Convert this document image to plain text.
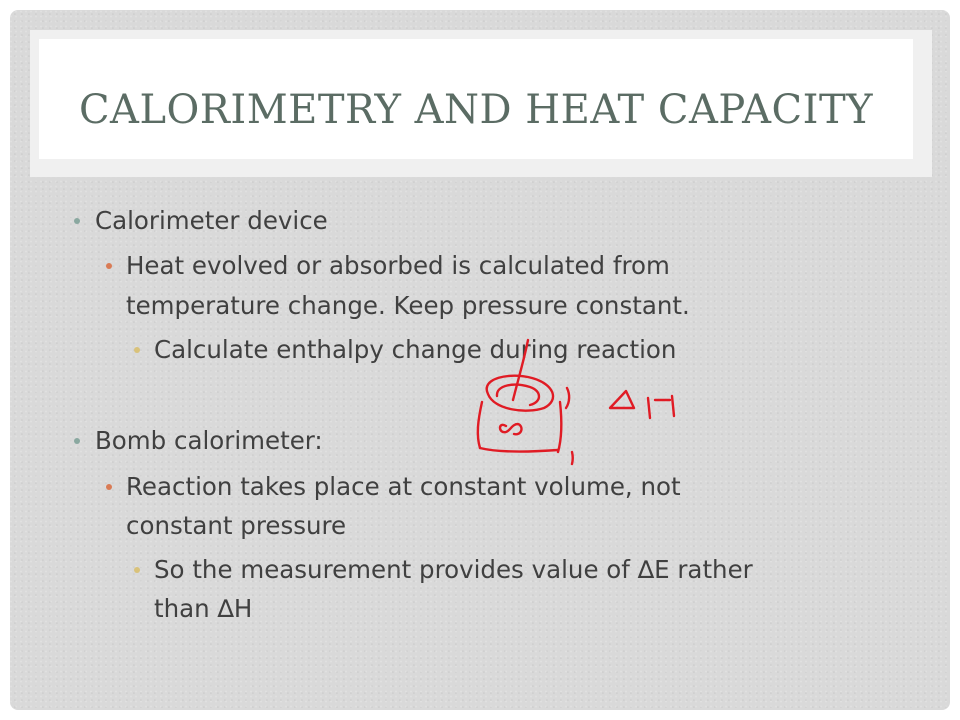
CALORIMETRY AND HEAT CAPACITY
Calorimeter device
Heat evolved or absorbed is calculated from
temperature change. Keep pressure constant.
Calculate enthalpy change during reaction
Bomb calorimeter:
Reaction takes place at constant volume, not
constant pressure
So the measurement provides value of ∆E rather
than ∆H
